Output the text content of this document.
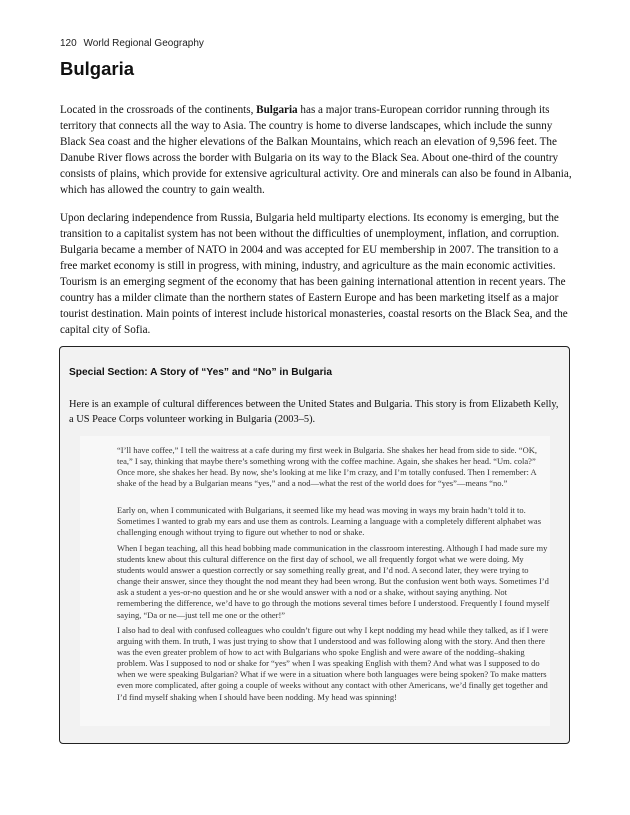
120 World Regional Geography
Bulgaria

Located in the crossroads of the continents, Bulgaria has a major trans-European corridor running through its territory that connects all the way to Asia. The country is home to diverse landscapes, which include the sunny Black Sea coast and the higher elevations of the Balkan Mountains, which reach an elevation of 9,596 feet. The Danube River flows across the border with Bulgaria on its way to the Black Sea. About one-third of the country consists of plains, which provide for extensive agricultural activity. Ore and minerals can also be found in Albania, which has allowed the country to gain wealth.

Upon declaring independence from Russia, Bulgaria held multiparty elections. Its economy is emerging, but the transition to a capitalist system has not been without the difficulties of unemployment, inflation, and corruption. Bulgaria became a member of NATO in 2004 and was accepted for EU membership in 2007. The transition to a free market economy is still in progress, with mining, industry, and agriculture as the main economic activities. Tourism is an emerging segment of the economy that has been gaining international attention in recent years. The country has a milder climate than the northern states of Eastern Europe and has been marketing itself as a major tourist destination. Main points of interest include historical monasteries, coastal resorts on the Black Sea, and the capital city of Sofia.

Special Section: A Story of “Yes” and “No” in Bulgaria

Here is an example of cultural differences between the United States and Bulgaria. This story is from Elizabeth Kelly, a US Peace Corps volunteer working in Bulgaria (2003–5).

“I’ll have coffee,” I tell the waitress at a cafe during my first week in Bulgaria. She shakes her head from side to side. “OK, tea,” I say, thinking that maybe there’s something wrong with the coffee machine. Again, she shakes her head. “Um. cola?” Once more, she shakes her head. By now, she’s looking at me like I’m crazy, and I’m totally confused. Then I remember: A shake of the head by a Bulgarian means “yes,” and a nod—what the rest of the world does for “yes”—means “no.”

Early on, when I communicated with Bulgarians, it seemed like my head was moving in ways my brain hadn’t told it to. Sometimes I wanted to grab my ears and use them as controls. Learning a language with a completely different alphabet was challenging enough without trying to figure out whether to nod or shake.

When I began teaching, all this head bobbing made communication in the classroom interesting. Although I had made sure my students knew about this cultural difference on the first day of school, we all frequently forgot what we were doing. My students would answer a question correctly or say something really great, and I’d nod. A second later, they were trying to change their answer, since they thought the nod meant they had been wrong. But the confusion went both ways. Sometimes I’d ask a student a yes-or-no question and he or she would answer with a nod or a shake, without saying anything. Not remembering the difference, we’d have to go through the motions several times before I understood. Frequently I found myself saying, “Da or ne—just tell me one or the other!”

I also had to deal with confused colleagues who couldn’t figure out why I kept nodding my head while they talked, as if I were arguing with them. In truth, I was just trying to show that I understood and was following along with the story. And then there was the even greater problem of how to act with Bulgarians who spoke English and were aware of the nodding–shaking problem. Was I supposed to nod or shake for “yes” when I was speaking English with them? And what was I supposed to do when we were speaking Bulgarian? What if we were in a situation where both languages were being spoken? To make matters even more complicated, after going a couple of weeks without any contact with other Americans, we’d finally get together and I’d find myself shaking when I should have been nodding. My head was spinning!
